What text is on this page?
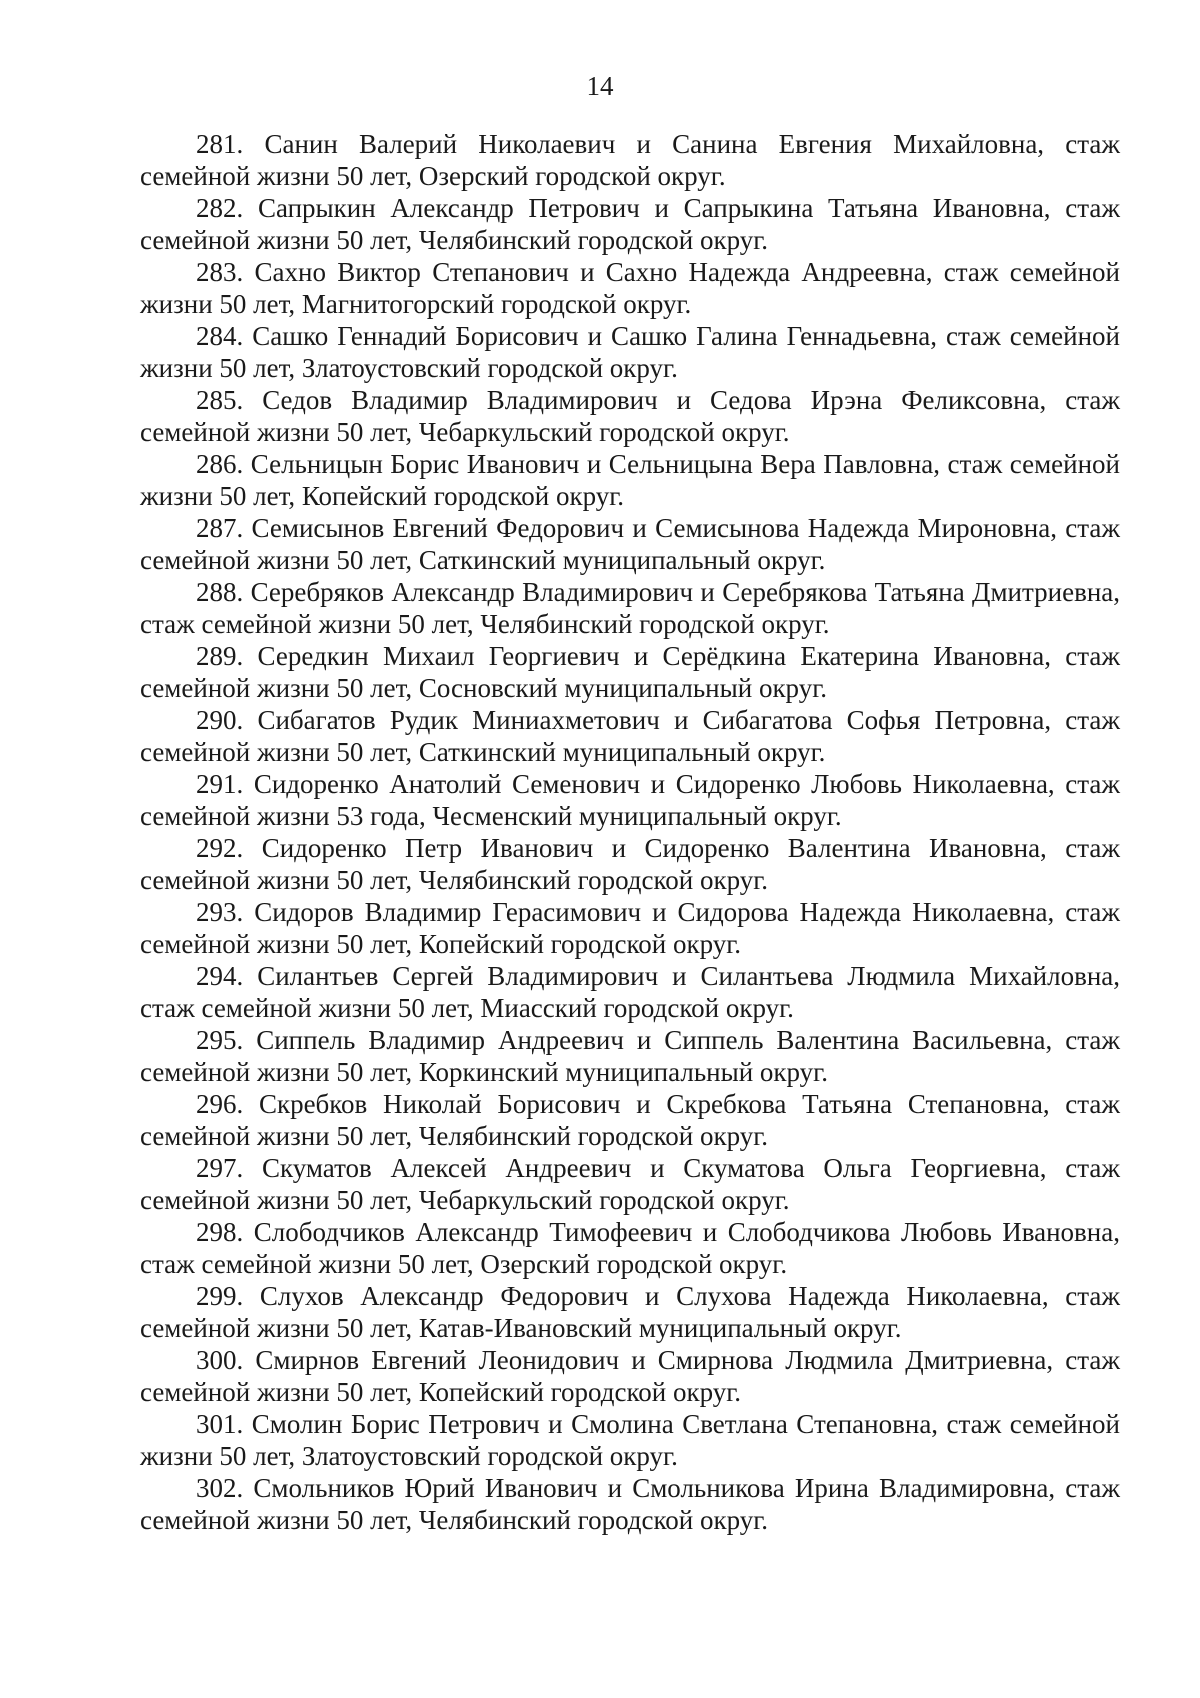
14

281. Санин Валерий Николаевич и Санина Евгения Михайловна, стаж семейной жизни 50 лет, Озерский городской округ.

282. Сапрыкин Александр Петрович и Сапрыкина Татьяна Ивановна, стаж семейной жизни 50 лет, Челябинский городской округ.

283. Сахно Виктор Степанович и Сахно Надежда Андреевна, стаж семейной жизни 50 лет, Магнитогорский городской округ.

284. Сашко Геннадий Борисович и Сашко Галина Геннадьевна, стаж семейной жизни 50 лет, Златоустовский городской округ.

285. Седов Владимир Владимирович и Седова Ирэна Феликсовна, стаж семейной жизни 50 лет, Чебаркульский городской округ.

286. Сельницын Борис Иванович и Сельницына Вера Павловна, стаж семейной жизни 50 лет, Копейский городской округ.

287. Семисынов Евгений Федорович и Семисынова Надежда Мироновна, стаж семейной жизни 50 лет, Саткинский муниципальный округ.

288. Серебряков Александр Владимирович и Серебрякова Татьяна Дмитриевна, стаж семейной жизни 50 лет, Челябинский городской округ.

289. Середкин Михаил Георгиевич и Серёдкина Екатерина Ивановна, стаж семейной жизни 50 лет, Сосновский муниципальный округ.

290. Сибагатов Рудик Миниахметович и Сибагатова Софья Петровна, стаж семейной жизни 50 лет, Саткинский муниципальный округ.

291. Сидоренко Анатолий Семенович и Сидоренко Любовь Николаевна, стаж семейной жизни 53 года, Чесменский муниципальный округ.

292. Сидоренко Петр Иванович и Сидоренко Валентина Ивановна, стаж семейной жизни 50 лет, Челябинский городской округ.

293. Сидоров Владимир Герасимович и Сидорова Надежда Николаевна, стаж семейной жизни 50 лет, Копейский городской округ.

294. Силантьев Сергей Владимирович и Силантьева Людмила Михайловна, стаж семейной жизни 50 лет, Миасский городской округ.

295. Сиппель Владимир Андреевич и Сиппель Валентина Васильевна, стаж семейной жизни 50 лет, Коркинский муниципальный округ.

296. Скребков Николай Борисович и Скребкова Татьяна Степановна, стаж семейной жизни 50 лет, Челябинский городской округ.

297. Скуматов Алексей Андреевич и Скуматова Ольга Георгиевна, стаж семейной жизни 50 лет, Чебаркульский городской округ.

298. Слободчиков Александр Тимофеевич и Слободчикова Любовь Ивановна, стаж семейной жизни 50 лет, Озерский городской округ.

299. Слухов Александр Федорович и Слухова Надежда Николаевна, стаж семейной жизни 50 лет, Катав-Ивановский муниципальный округ.

300. Смирнов Евгений Леонидович и Смирнова Людмила Дмитриевна, стаж семейной жизни 50 лет, Копейский городской округ.

301. Смолин Борис Петрович и Смолина Светлана Степановна, стаж семейной жизни 50 лет, Златоустовский городской округ.

302. Смольников Юрий Иванович и Смольникова Ирина Владимировна, стаж семейной жизни 50 лет, Челябинский городской округ.
